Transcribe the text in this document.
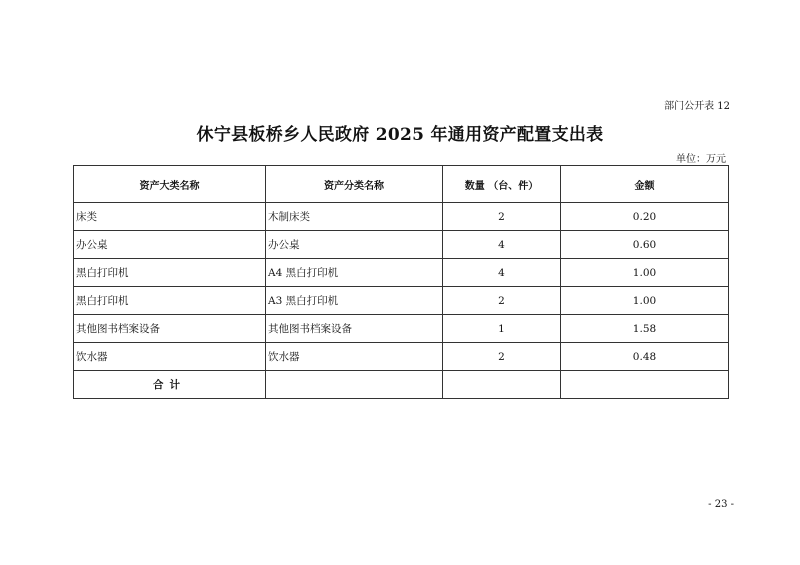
部门公开表 12
休宁县板桥乡人民政府 2025 年通用资产配置支出表
单位：万元
资产大类名称	资产分类名称	数量 （台、件）	金额
床类	木制床类	2	0.20
办公桌	办公桌	4	0.60
黑白打印机	A4 黑白打印机	4	1.00
黑白打印机	A3 黑白打印机	2	1.00
其他图书档案设备	其他图书档案设备	1	1.58
饮水器	饮水器	2	0.48
合计			
- 23 -
